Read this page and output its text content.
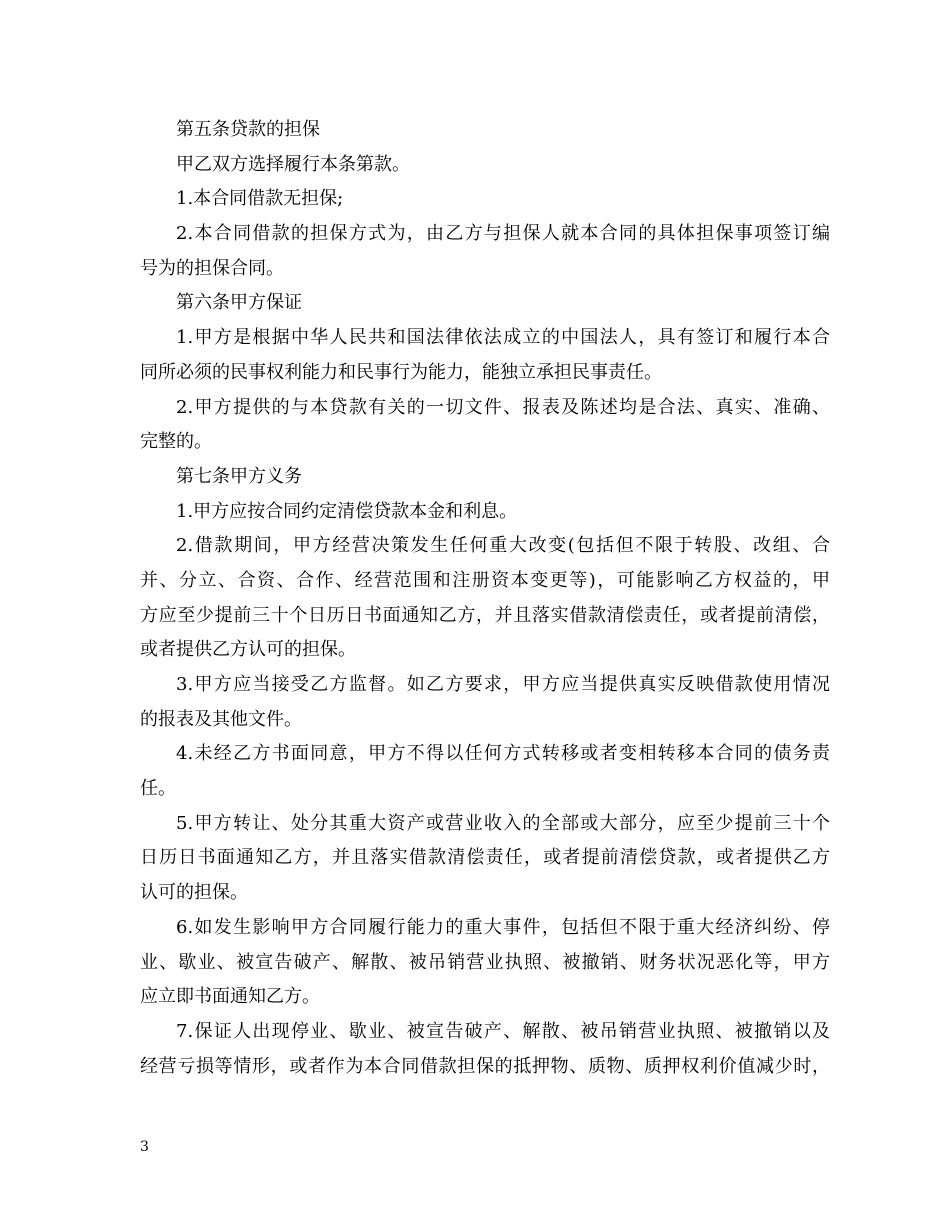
第五条贷款的担保
甲乙双方选择履行本条第款。
1.本合同借款无担保;
2.本合同借款的担保方式为，由乙方与担保人就本合同的具体担保事项签订编
号为的担保合同。
第六条甲方保证
1.甲方是根据中华人民共和国法律依法成立的中国法人，具有签订和履行本合
同所必须的民事权利能力和民事行为能力，能独立承担民事责任。
2.甲方提供的与本贷款有关的一切文件、报表及陈述均是合法、真实、准确、
完整的。
第七条甲方义务
1.甲方应按合同约定清偿贷款本金和利息。
2.借款期间，甲方经营决策发生任何重大改变(包括但不限于转股、改组、合
并、分立、合资、合作、经营范围和注册资本变更等)，可能影响乙方权益的，甲
方应至少提前三十个日历日书面通知乙方，并且落实借款清偿责任，或者提前清偿，
或者提供乙方认可的担保。
3.甲方应当接受乙方监督。如乙方要求，甲方应当提供真实反映借款使用情况
的报表及其他文件。
4.未经乙方书面同意，甲方不得以任何方式转移或者变相转移本合同的债务责
任。
5.甲方转让、处分其重大资产或营业收入的全部或大部分，应至少提前三十个
日历日书面通知乙方，并且落实借款清偿责任，或者提前清偿贷款，或者提供乙方
认可的担保。
6.如发生影响甲方合同履行能力的重大事件，包括但不限于重大经济纠纷、停
业、歇业、被宣告破产、解散、被吊销营业执照、被撤销、财务状况恶化等，甲方
应立即书面通知乙方。
7.保证人出现停业、歇业、被宣告破产、解散、被吊销营业执照、被撤销以及
经营亏损等情形，或者作为本合同借款担保的抵押物、质物、质押权利价值减少时，
3
